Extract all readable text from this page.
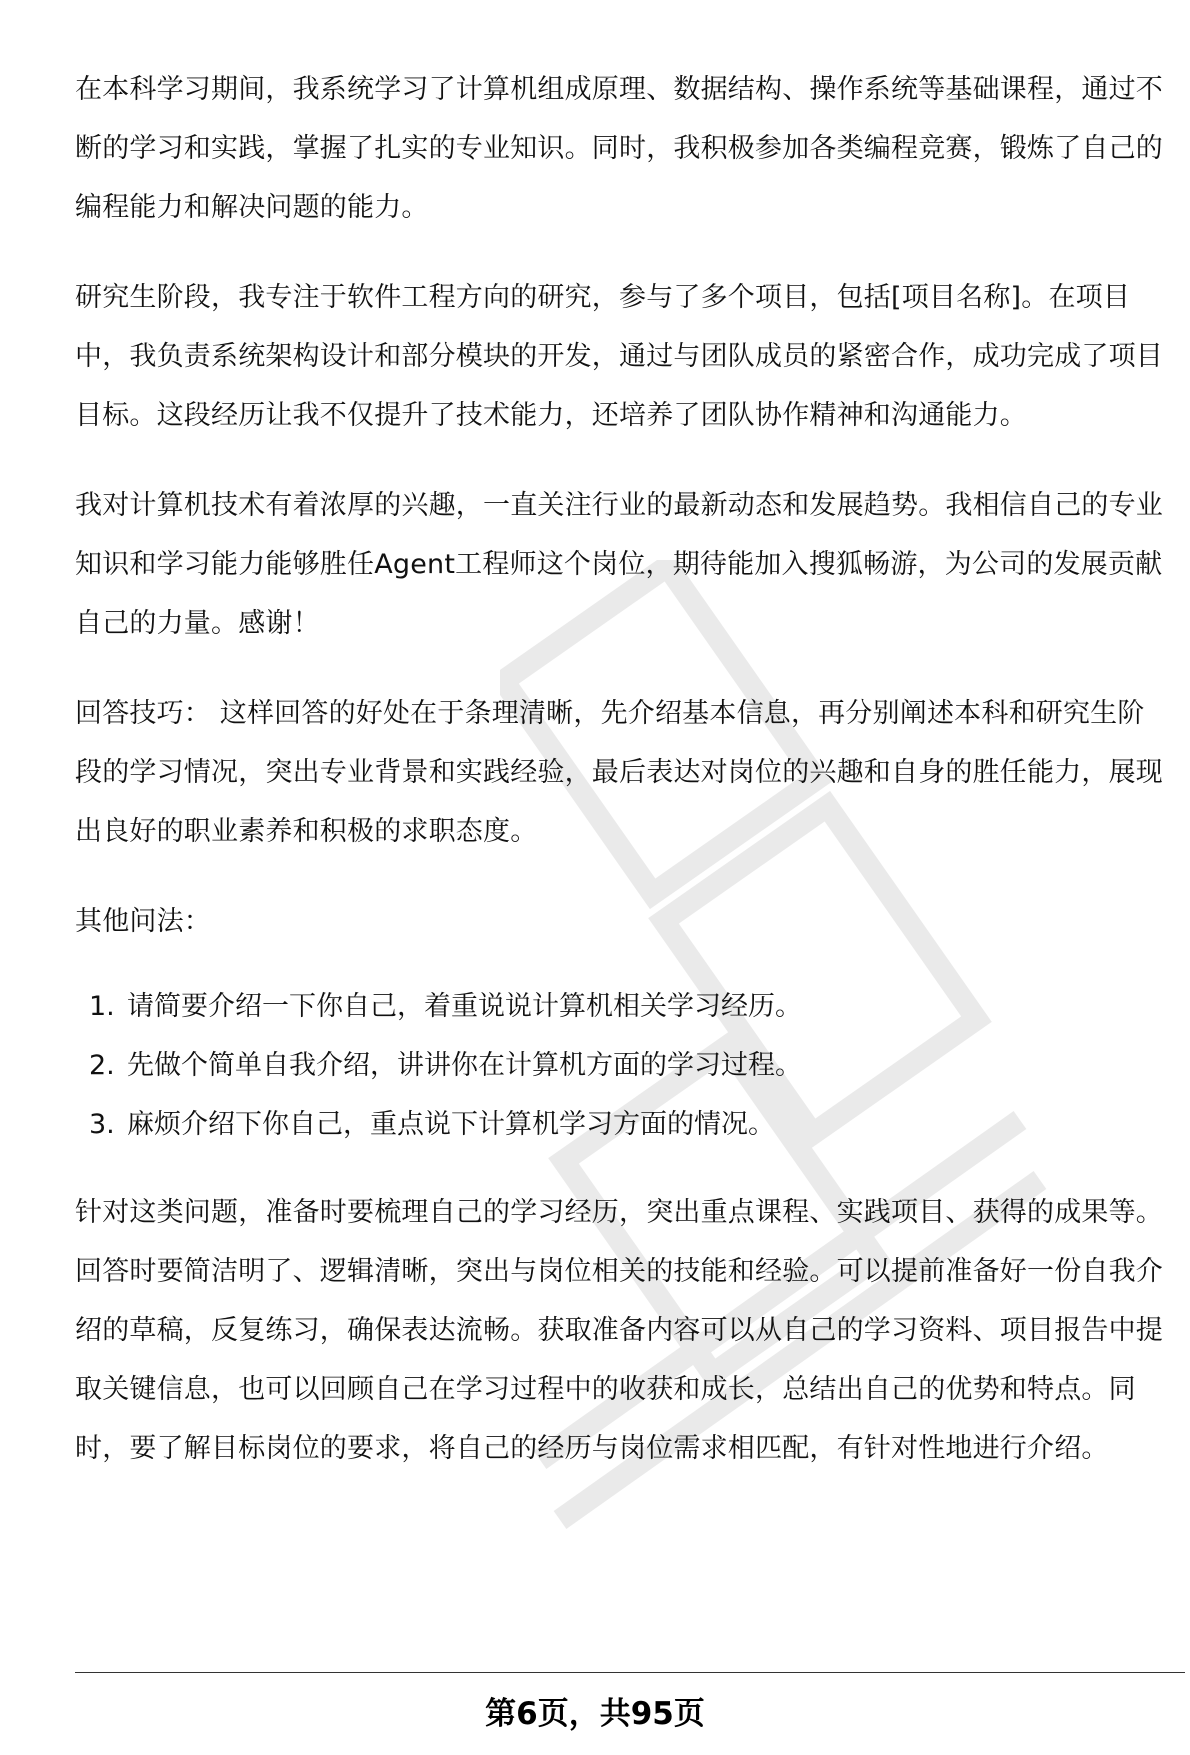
在本科学习期间，我系统学习了计算机组成原理、数据结构、操作系统等基础课程，通过不断的学习和实践，掌握了扎实的专业知识。同时，我积极参加各类编程竞赛，锻炼了自己的编程能力和解决问题的能力。

研究生阶段，我专注于软件工程方向的研究，参与了多个项目，包括[项目名称]。在项目中，我负责系统架构设计和部分模块的开发，通过与团队成员的紧密合作，成功完成了项目目标。这段经历让我不仅提升了技术能力，还培养了团队协作精神和沟通能力。

我对计算机技术有着浓厚的兴趣，一直关注行业的最新动态和发展趋势。我相信自己的专业知识和学习能力能够胜任Agent工程师这个岗位，期待能加入搜狐畅游，为公司的发展贡献自己的力量。感谢！

回答技巧： 这样回答的好处在于条理清晰，先介绍基本信息，再分别阐述本科和研究生阶段的学习情况，突出专业背景和实践经验，最后表达对岗位的兴趣和自身的胜任能力，展现出良好的职业素养和积极的求职态度。

其他问法：

1. 请简要介绍一下你自己，着重说说计算机相关学习经历。
2. 先做个简单自我介绍，讲讲你在计算机方面的学习过程。
3. 麻烦介绍下你自己，重点说下计算机学习方面的情况。

针对这类问题，准备时要梳理自己的学习经历，突出重点课程、实践项目、获得的成果等。回答时要简洁明了、逻辑清晰，突出与岗位相关的技能和经验。可以提前准备好一份自我介绍的草稿，反复练习，确保表达流畅。获取准备内容可以从自己的学习资料、项目报告中提取关键信息，也可以回顾自己在学习过程中的收获和成长，总结出自己的优势和特点。同时，要了解目标岗位的要求，将自己的经历与岗位需求相匹配，有针对性地进行介绍。

第6页，共95页
